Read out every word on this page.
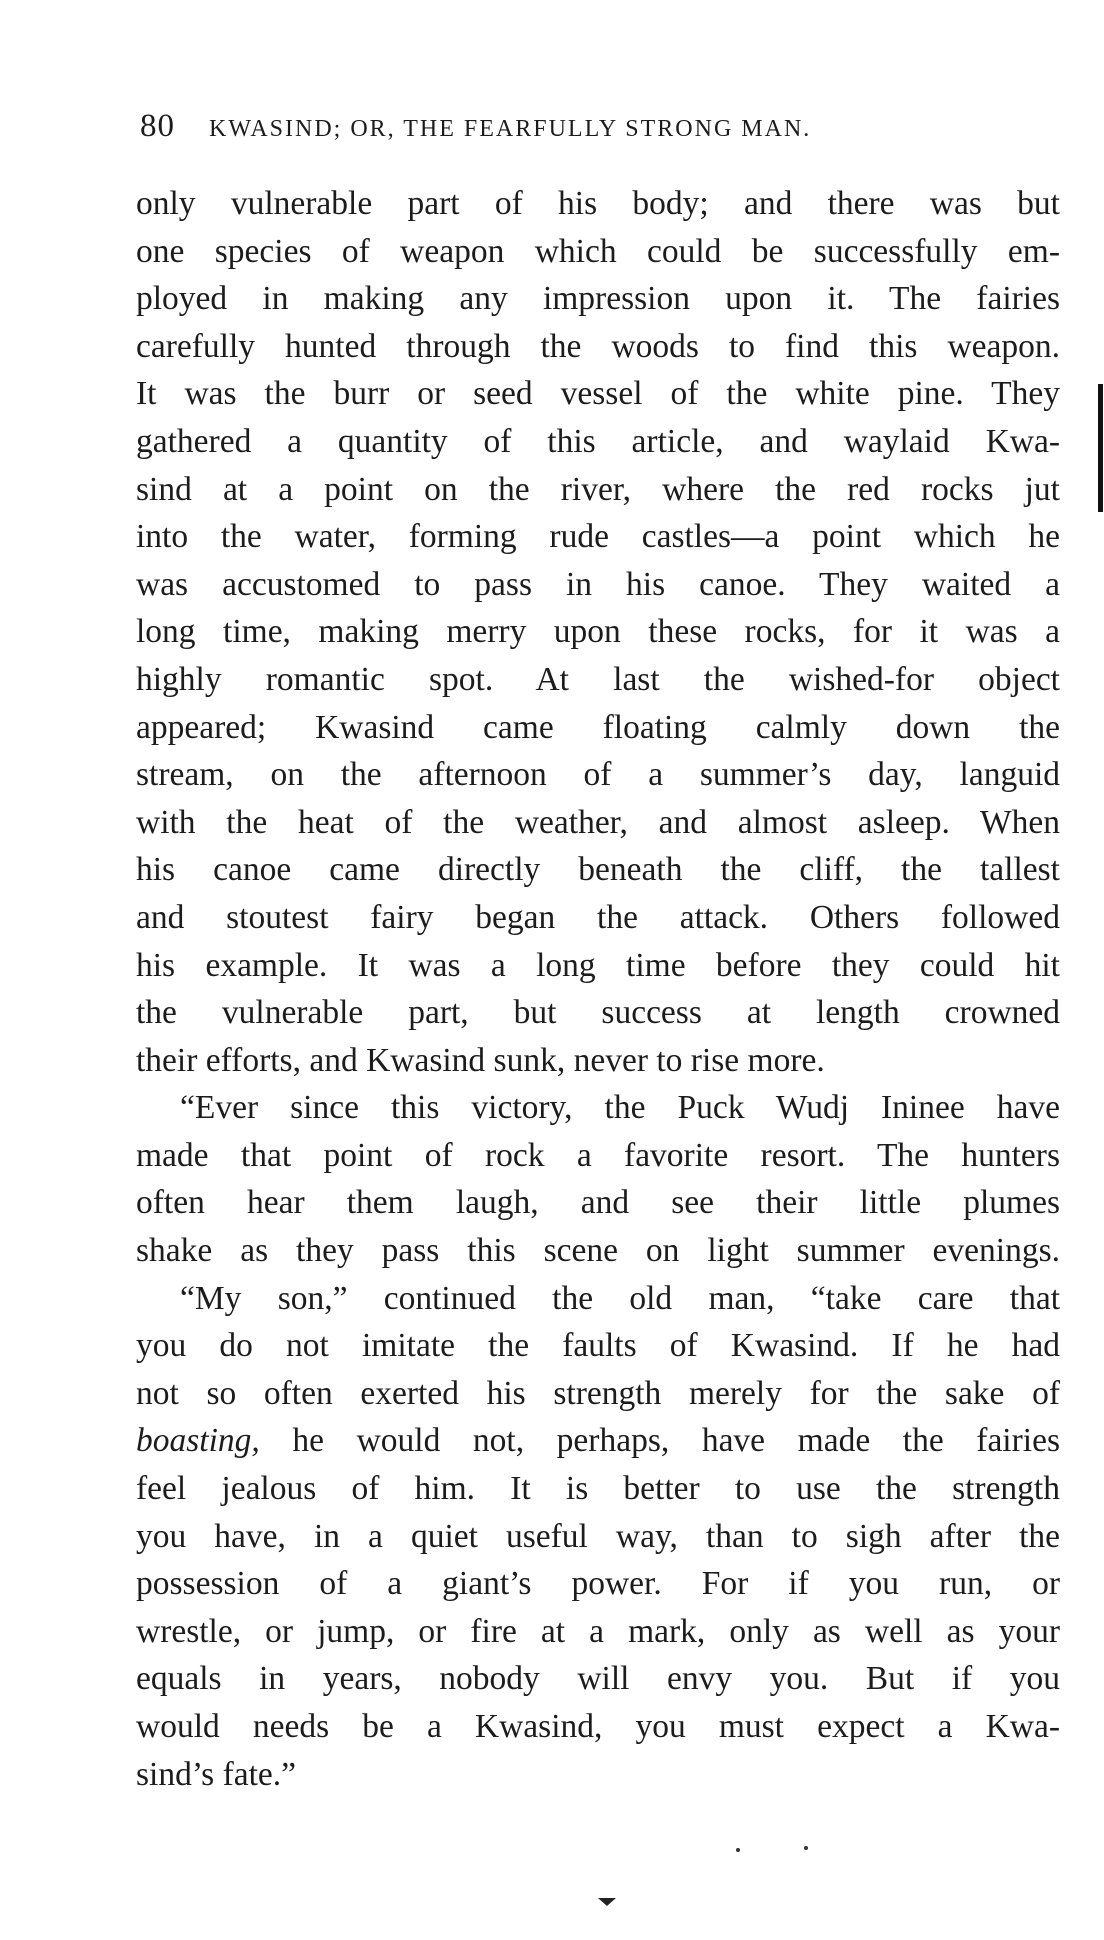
80 KWASIND; OR, THE FEARFULLY STRONG MAN.
only vulnerable part of his body; and there was but
one species of weapon which could be successfully em-
ployed in making any impression upon it. The fairies
carefully hunted through the woods to find this weapon.
It was the burr or seed vessel of the white pine. They
gathered a quantity of this article, and waylaid Kwa-
sind at a point on the river, where the red rocks jut
into the water, forming rude castles—a point which he
was accustomed to pass in his canoe. They waited a
long time, making merry upon these rocks, for it was a
highly romantic spot. At last the wished-for object
appeared; Kwasind came floating calmly down the
stream, on the afternoon of a summer’s day, languid
with the heat of the weather, and almost asleep. When
his canoe came directly beneath the cliff, the tallest
and stoutest fairy began the attack. Others followed
his example. It was a long time before they could hit
the vulnerable part, but success at length crowned
their efforts, and Kwasind sunk, never to rise more.
“Ever since this victory, the Puck Wudj Ininee have
made that point of rock a favorite resort. The hunters
often hear them laugh, and see their little plumes
shake as they pass this scene on light summer evenings.
“My son,” continued the old man, “take care that
you do not imitate the faults of Kwasind. If he had
not so often exerted his strength merely for the sake of
boasting, he would not, perhaps, have made the fairies
feel jealous of him. It is better to use the strength
you have, in a quiet useful way, than to sigh after the
possession of a giant’s power. For if you run, or
wrestle, or jump, or fire at a mark, only as well as your
equals in years, nobody will envy you. But if you
would needs be a Kwasind, you must expect a Kwa-
sind’s fate.”
